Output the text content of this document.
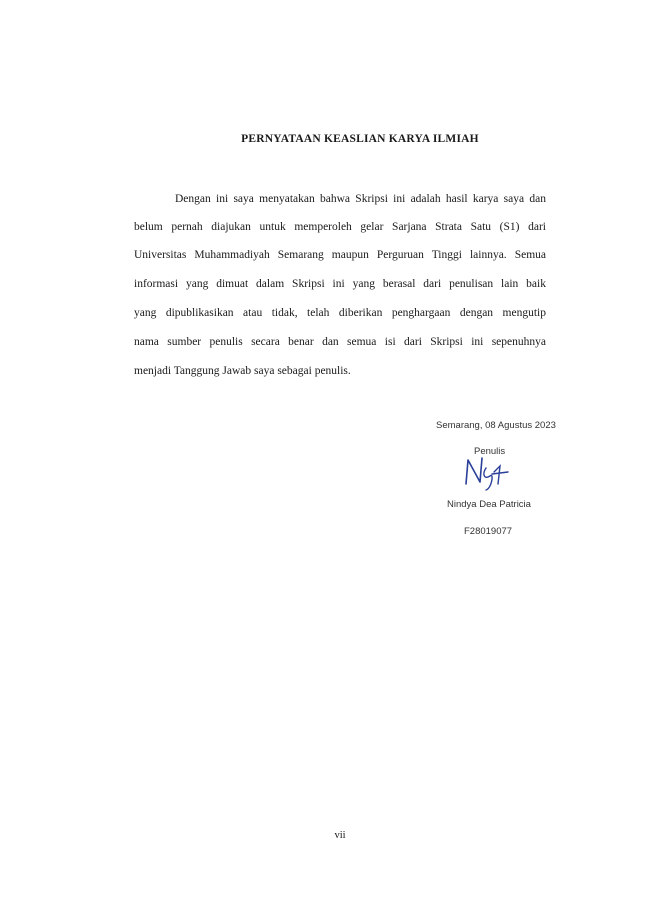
PERNYATAAN KEASLIAN KARYA ILMIAH
Dengan ini saya menyatakan bahwa Skripsi ini adalah hasil karya saya dan
belum pernah diajukan untuk memperoleh gelar Sarjana Strata Satu (S1) dari
Universitas Muhammadiyah Semarang maupun Perguruan Tinggi lainnya. Semua
informasi yang dimuat dalam Skripsi ini yang berasal dari penulisan lain baik
yang dipublikasikan atau tidak, telah diberikan penghargaan dengan mengutip
nama sumber penulis secara benar dan semua isi dari Skripsi ini sepenuhnya
menjadi Tanggung Jawab saya sebagai penulis.
Semarang, 08 Agustus 2023
Penulis
Nindya Dea Patricia
F28019077
vii
